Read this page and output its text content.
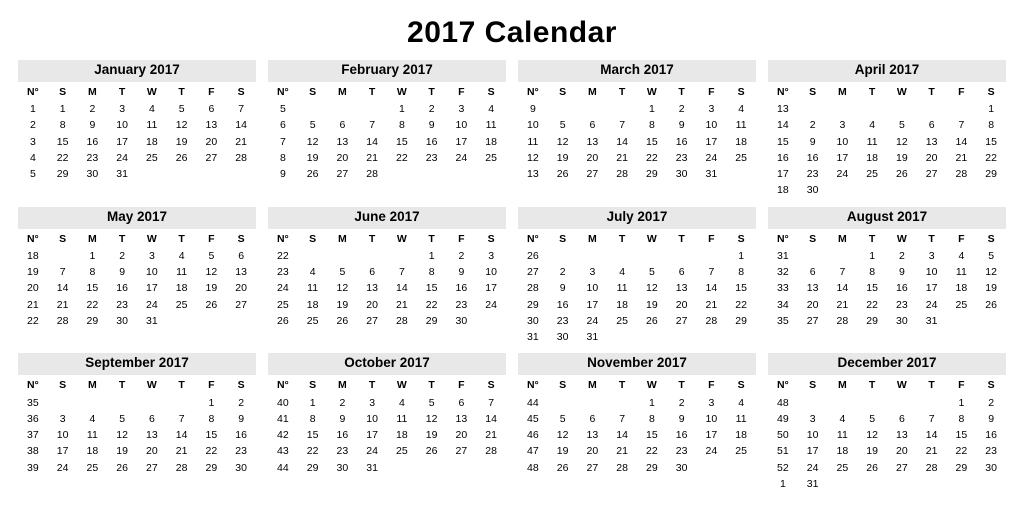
2017 Calendar
January 2017
N°	S	M	T	W	T	F	S
1	1	2	3	4	5	6	7
2	8	9	10	11	12	13	14
3	15	16	17	18	19	20	21
4	22	23	24	25	26	27	28
5	29	30	31				
February 2017
N°	S	M	T	W	T	F	S
5				1	2	3	4
6	5	6	7	8	9	10	11
7	12	13	14	15	16	17	18
8	19	20	21	22	23	24	25
9	26	27	28				
March 2017
N°	S	M	T	W	T	F	S
9				1	2	3	4
10	5	6	7	8	9	10	11
11	12	13	14	15	16	17	18
12	19	20	21	22	23	24	25
13	26	27	28	29	30	31	
April 2017
N°	S	M	T	W	T	F	S
13							1
14	2	3	4	5	6	7	8
15	9	10	11	12	13	14	15
16	16	17	18	19	20	21	22
17	23	24	25	26	27	28	29
18	30						
May 2017
N°	S	M	T	W	T	F	S
18		1	2	3	4	5	6
19	7	8	9	10	11	12	13
20	14	15	16	17	18	19	20
21	21	22	23	24	25	26	27
22	28	29	30	31			
June 2017
N°	S	M	T	W	T	F	S
22					1	2	3
23	4	5	6	7	8	9	10
24	11	12	13	14	15	16	17
25	18	19	20	21	22	23	24
26	25	26	27	28	29	30	
July 2017
N°	S	M	T	W	T	F	S
26							1
27	2	3	4	5	6	7	8
28	9	10	11	12	13	14	15
29	16	17	18	19	20	21	22
30	23	24	25	26	27	28	29
31	30	31					
August 2017
N°	S	M	T	W	T	F	S
31			1	2	3	4	5
32	6	7	8	9	10	11	12
33	13	14	15	16	17	18	19
34	20	21	22	23	24	25	26
35	27	28	29	30	31		
September 2017
N°	S	M	T	W	T	F	S
35						1	2
36	3	4	5	6	7	8	9
37	10	11	12	13	14	15	16
38	17	18	19	20	21	22	23
39	24	25	26	27	28	29	30
October 2017
N°	S	M	T	W	T	F	S
40	1	2	3	4	5	6	7
41	8	9	10	11	12	13	14
42	15	16	17	18	19	20	21
43	22	23	24	25	26	27	28
44	29	30	31				
November 2017
N°	S	M	T	W	T	F	S
44				1	2	3	4
45	5	6	7	8	9	10	11
46	12	13	14	15	16	17	18
47	19	20	21	22	23	24	25
48	26	27	28	29	30		
December 2017
N°	S	M	T	W	T	F	S
48						1	2
49	3	4	5	6	7	8	9
50	10	11	12	13	14	15	16
51	17	18	19	20	21	22	23
52	24	25	26	27	28	29	30
1	31						
